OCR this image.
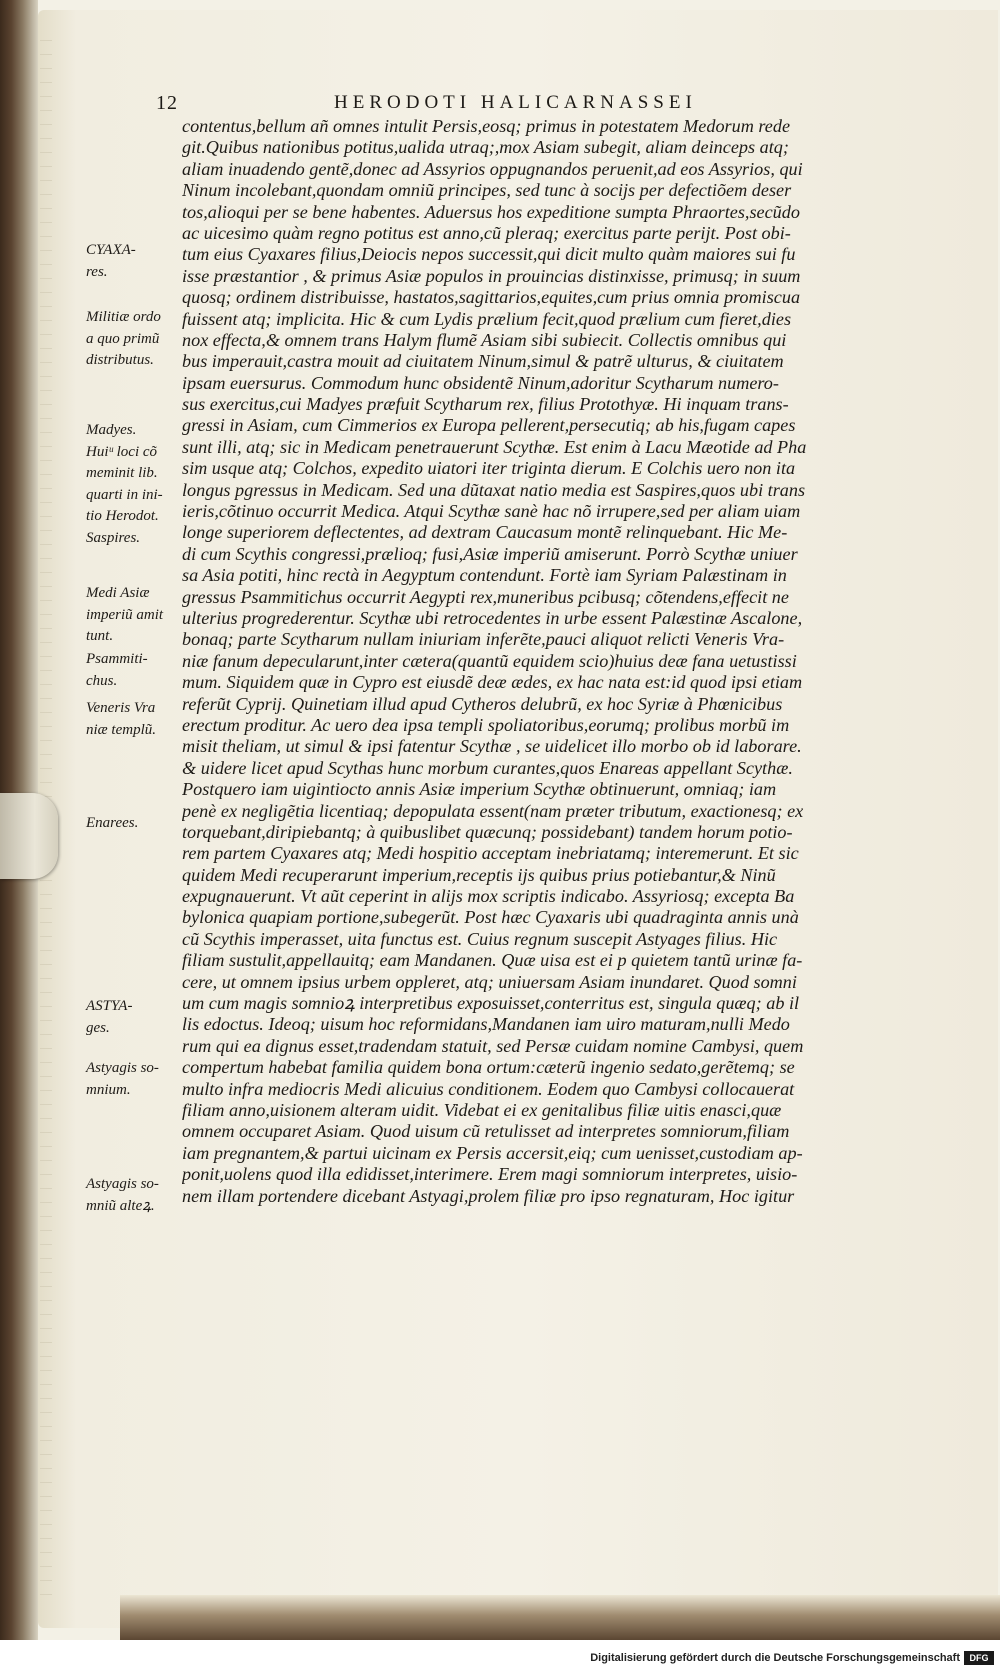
12	HERODOTI HALICARNASSEI
contentus,bellum añ omnes intulit Persis,eosq; primus in potestatem Medorum rede
git.Quibus nationibus potitus,ualida utraq;,mox Asiam subegit, aliam deinceps atq;
aliam inuadendo gentẽ,donec ad Assyrios oppugnandos peruenit,ad eos Assyrios, qui
Ninum incolebant,quondam omniũ principes, sed tunc à socijs per defectiõem deser
tos,alioqui per se bene habentes. Aduersus hos expeditione sumpta Phraortes,secũdo
ac uicesimo quàm regno potitus est anno,cũ pleraq; exercitus parte perijt. Post obi-
tum eius Cyaxares filius,Deiocis nepos successit,qui dicit multo quàm maiores sui fu
isse præstantior , & primus Asiæ populos in prouincias distinxisse, primusq; in suum
quosq; ordinem distribuisse, hastatos,sagittarios,equites,cum prius omnia promiscua
fuissent atq; implicita. Hic & cum Lydis prælium fecit,quod prælium cum fieret,dies
nox effecta,& omnem trans Halym flumẽ Asiam sibi subiecit. Collectis omnibus qui
bus imperauit,castra mouit ad ciuitatem Ninum,simul & patrẽ ulturus, & ciuitatem
ipsam euersurus. Commodum hunc obsidentẽ Ninum,adoritur Scytharum numero-
sus exercitus,cui Madyes præfuit Scytharum rex, filius Protothyæ. Hi inquam trans-
gressi in Asiam, cum Cimmerios ex Europa pellerent,persecutiq; ab his,fugam capes
sunt illi, atq; sic in Medicam penetrauerunt Scythæ. Est enim à Lacu Mæotide ad Pha
sim usque atq; Colchos, expedito uiatori iter triginta dierum. E Colchis uero non ita
longus pgressus in Medicam. Sed una dũtaxat natio media est Saspires,quos ubi trans
ieris,cõtinuo occurrit Medica. Atqui Scythæ sanè hac nõ irrupere,sed per aliam uiam
longe superiorem deflectentes, ad dextram Caucasum montẽ relinquebant. Hic Me-
di cum Scythis congressi,prælioq; fusi,Asiæ imperiũ amiserunt. Porrò Scythæ uniuer
sa Asia potiti, hinc rectà in Aegyptum contendunt. Fortè iam Syriam Palæstinam in
gressus Psammitichus occurrit Aegypti rex,muneribus pcibusq; cõtendens,effecit ne
ulterius progrederentur. Scythæ ubi retrocedentes in urbe essent Palæstinæ Ascalone,
bonaq; parte Scytharum nullam iniuriam inferẽte,pauci aliquot relicti Veneris Vra-
niæ fanum depecularunt,inter cætera(quantũ equidem scio)huius deæ fana uetustissi
mum. Siquidem quæ in Cypro est eiusdẽ deæ ædes, ex hac nata est:id quod ipsi etiam
referũt Cyprij. Quinetiam illud apud Cytheros delubrũ, ex hoc Syriæ à Phœnicibus
erectum proditur. Ac uero dea ipsa templi spoliatoribus,eorumq; prolibus morbũ im
misit theliam, ut simul & ipsi fatentur Scythæ , se uidelicet illo morbo ob id laborare.
& uidere licet apud Scythas hunc morbum curantes,quos Enareas appellant Scythæ.
Postquero iam uigintiocto annis Asiæ imperium Scythæ obtinuerunt, omniaq; iam
penè ex negligẽtia licentiaq; depopulata essent(nam præter tributum, exactionesq; ex
torquebant,diripiebantq; à quibuslibet quæcunq; possidebant) tandem horum potio-
rem partem Cyaxares atq; Medi hospitio acceptam inebriatamq; interemerunt. Et sic
quidem Medi recuperarunt imperium,receptis ijs quibus prius potiebantur,& Ninũ
expugnauerunt. Vt aũt ceperint in alijs mox scriptis indicabo. Assyriosq; excepta Ba
bylonica quapiam portione,subegerũt. Post hæc Cyaxaris ubi quadraginta annis unà
cũ Scythis imperasset, uita functus est. Cuius regnum suscepit Astyages filius. Hic
filiam sustulit,appellauitq; eam Mandanen. Quæ uisa est ei p quietem tantũ urinæ fa-
cere, ut omnem ipsius urbem oppleret, atq; uniuersam Asiam inundaret. Quod somni
um cum magis somnioꝝ interpretibus exposuisset,conterritus est, singula quæq; ab il
lis edoctus. Ideoq; uisum hoc reformidans,Mandanen iam uiro maturam,nulli Medo
rum qui ea dignus esset,tradendam statuit, sed Persæ cuidam nomine Cambysi, quem
compertum habebat familia quidem bona ortum:cæterũ ingenio sedato,gerẽtemq; se
multo infra mediocris Medi alicuius conditionem. Eodem quo Cambysi collocauerat
filiam anno,uisionem alteram uidit. Videbat ei ex genitalibus filiæ uitis enasci,quæ
omnem occuparet Asiam. Quod uisum cũ retulisset ad interpretes somniorum,filiam
iam pregnantem,& partui uicinam ex Persis accersit,eiq; cum uenisset,custodiam ap-
ponit,uolens quod illa edidisset,interimere. Erem magi somniorum interpretes, uisio-
nem illam portendere dicebant Astyagi,prolem filiæ pro ipso regnaturam, Hoc igitur
CYAXA-
res.
Militiæ ordo
a quo primũ
distributus.
Madyes.
Huiᵘ loci cõ
meminit lib.
quarti in ini-
tio Herodot.
Saspires.
Medi Asiæ
imperiũ amit
tunt.
Psammiti-
chus.
Veneris Vra
niæ templũ.
Enarees.
ASTYA-
ges.
Astyagis so-
mnium.
Astyagis so-
mniũ alteꝝ.
Digitalisierung gefördert durch die Deutsche Forschungsgemeinschaft	DFG
